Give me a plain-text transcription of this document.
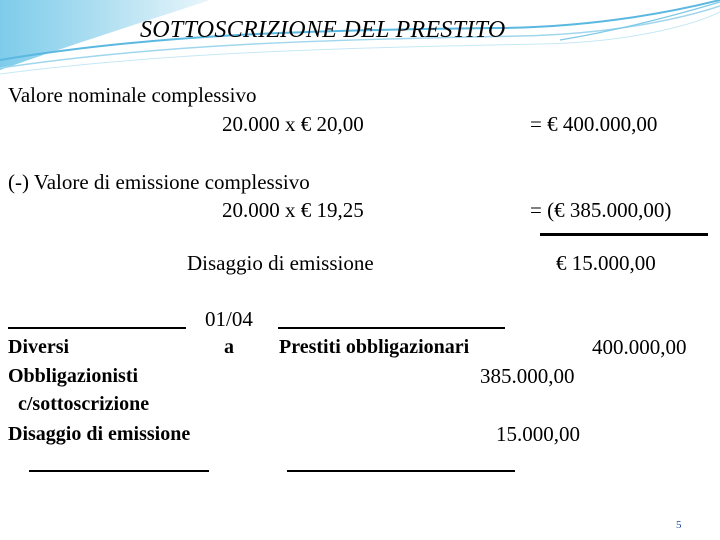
SOTTOSCRIZIONE DEL PRESTITO
Valore nominale complessivo
20.000 x € 20,00	= € 400.000,00
(-) Valore di emissione complessivo
20.000 x € 19,25	= (€ 385.000,00)
Disaggio di emissione	€ 15.000,00
01/04
Diversi	a Prestiti obbligazionari	400.000,00
Obbligazionisti	385.000,00
c/sottoscrizione
Disaggio di emissione	15.000,00
5
